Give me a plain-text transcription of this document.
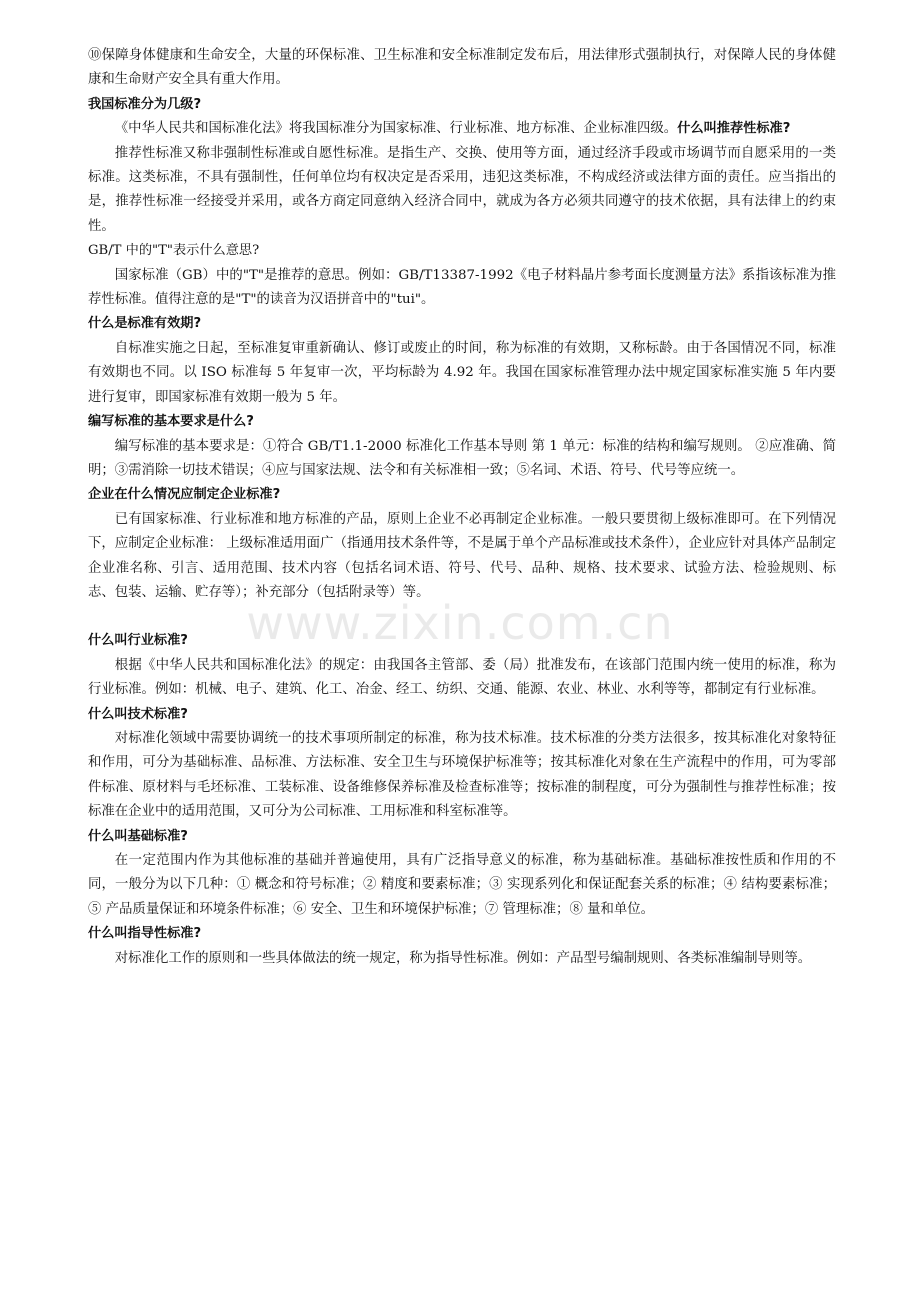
www.zixin.com.cn

⑩保障身体健康和生命安全，大量的环保标准、卫生标准和安全标准制定发布后，用法律形式强制执行，对保障人民的身体健康和生命财产安全具有重大作用。

我国标准分为几级?

《中华人民共和国标准化法》将我国标准分为国家标准、行业标准、地方标准、企业标准四级。什么叫推荐性标准?

推荐性标准又称非强制性标准或自愿性标准。是指生产、交换、使用等方面，通过经济手段或市场调节而自愿采用的一类标准。这类标准，不具有强制性，任何单位均有权决定是否采用，违犯这类标准，不构成经济或法律方面的责任。应当指出的是，推荐性标准一经接受并采用，或各方商定同意纳入经济合同中，就成为各方必须共同遵守的技术依据，具有法律上的约束性。

GB/T 中的"T"表示什么意思?

国家标准（GB）中的"T"是推荐的意思。例如：GB/T13387-1992《电子材料晶片参考面长度测量方法》系指该标准为推荐性标准。值得注意的是"T"的读音为汉语拼音中的"tui"。

什么是标准有效期?

自标准实施之日起，至标准复审重新确认、修订或废止的时间，称为标准的有效期，又称标龄。由于各国情况不同，标准有效期也不同。以 ISO 标准每 5 年复审一次，平均标龄为 4.92 年。我国在国家标准管理办法中规定国家标准实施 5 年内要进行复审，即国家标准有效期一般为 5 年。

编写标准的基本要求是什么?

编写标准的基本要求是：①符合 GB/T1.1-2000 标准化工作基本导则 第 1 单元：标准的结构和编写规则。 ②应准确、简明；③需消除一切技术错误；④应与国家法规、法令和有关标准相一致；⑤名词、术语、符号、代号等应统一。

企业在什么情况应制定企业标准?

已有国家标准、行业标准和地方标准的产品，原则上企业不必再制定企业标准。一般只要贯彻上级标准即可。在下列情况下，应制定企业标准： 上级标准适用面广（指通用技术条件等，不是属于单个产品标准或技术条件），企业应针对具体产品制定企业准名称、引言、适用范围、技术内容（包括名词术语、符号、代号、品种、规格、技术要求、试验方法、检验规则、标志、包装、运输、贮存等）；补充部分（包括附录等）等。

什么叫行业标准?

根据《中华人民共和国标准化法》的规定：由我国各主管部、委（局）批准发布，在该部门范围内统一使用的标准，称为行业标准。例如：机械、电子、建筑、化工、冶金、经工、纺织、交通、能源、农业、林业、水利等等，都制定有行业标准。

什么叫技术标准?

对标准化领域中需要协调统一的技术事项所制定的标准，称为技术标准。技术标准的分类方法很多，按其标准化对象特征和作用，可分为基础标准、品标准、方法标准、安全卫生与环境保护标准等；按其标准化对象在生产流程中的作用，可为零部件标准、原材料与毛坯标准、工装标准、设备维修保养标准及检查标准等；按标准的制程度，可分为强制性与推荐性标准；按标准在企业中的适用范围，又可分为公司标准、工用标准和科室标准等。

什么叫基础标准?

在一定范围内作为其他标准的基础并普遍使用，具有广泛指导意义的标准，称为基础标准。基础标准按性质和作用的不同，一般分为以下几种：① 概念和符号标准；② 精度和要素标准；③ 实现系列化和保证配套关系的标准；④ 结构要素标准；⑤ 产品质量保证和环境条件标准；⑥ 安全、卫生和环境保护标准；⑦ 管理标准；⑧ 量和单位。

什么叫指导性标准?

对标准化工作的原则和一些具体做法的统一规定，称为指导性标准。例如：产品型号编制规则、各类标准编制导则等。
